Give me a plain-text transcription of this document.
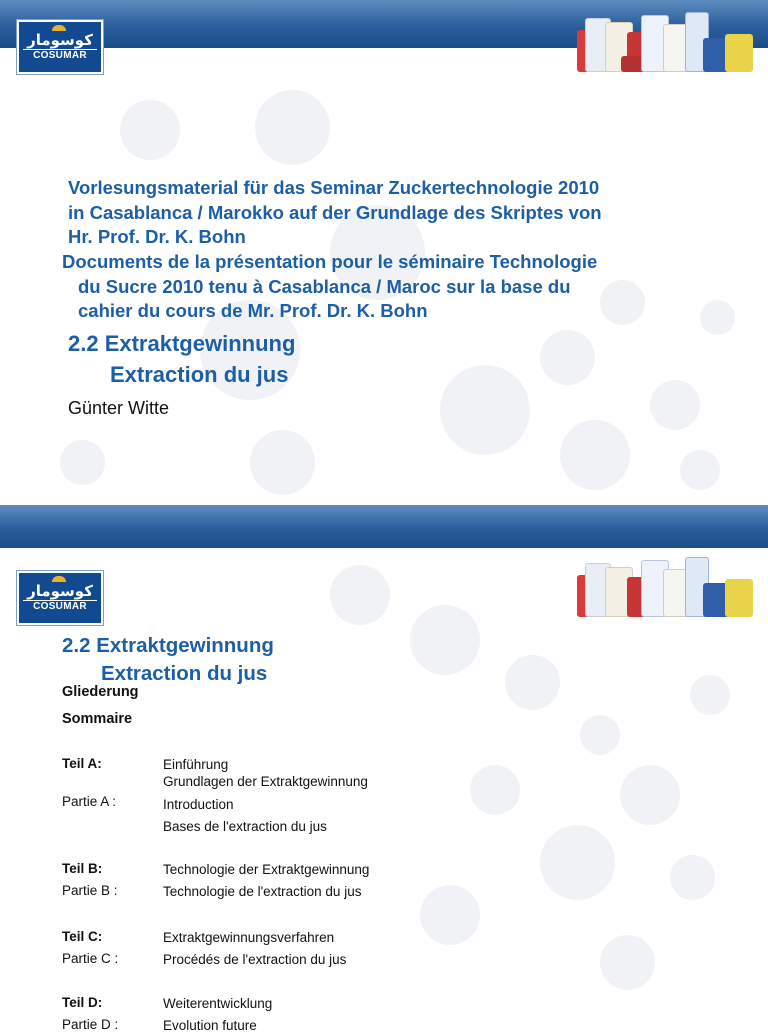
كوسومار
COSUMAR
Vorlesungsmaterial für das Seminar Zuckertechnologie 2010
in Casablanca / Marokko auf der Grundlage des Skriptes von
Hr. Prof. Dr. K. Bohn
Documents de la présentation pour le séminaire Technologie
du Sucre 2010 tenu à Casablanca / Maroc sur la base du
cahier du cours de Mr. Prof. Dr. K. Bohn
2.2 Extraktgewinnung
Extraction du jus
Günter Witte
كوسومار
COSUMAR
2.2 Extraktgewinnung
Extraction du jus
Gliederung
Sommaire
Teil A:	Einführung
Grundlagen der Extraktgewinnung
Partie A :	Introduction
Bases de l'extraction du jus
Teil B:	Technologie der Extraktgewinnung
Partie B :	Technologie de l'extraction du jus
Teil C:	Extraktgewinnungsverfahren
Partie C :	Procédés de l'extraction du jus
Teil D:	Weiterentwicklung
Partie D :	Evolution future
